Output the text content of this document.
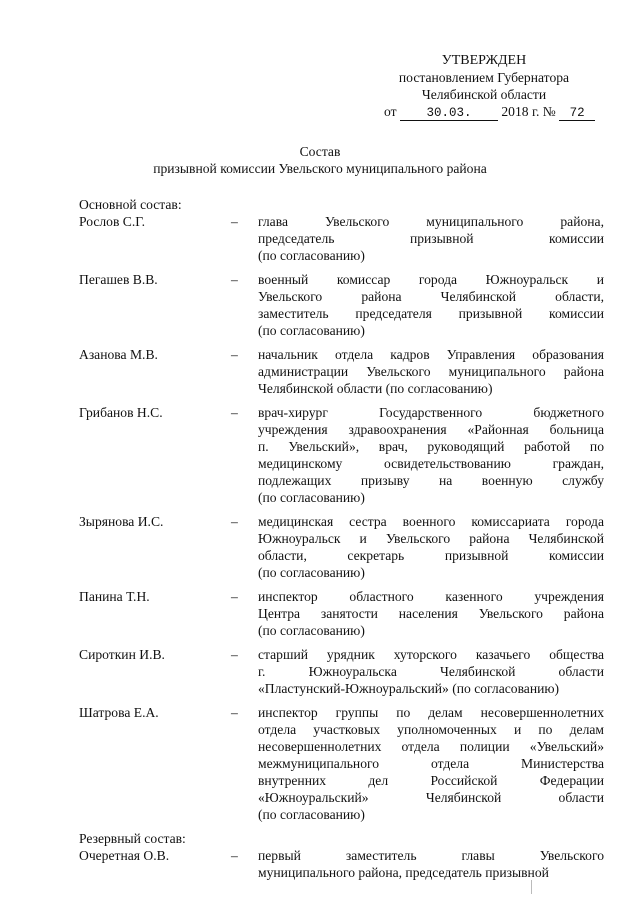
УТВЕРЖДЕН
постановлением Губернатора
Челябинской области
от 30.03. 2018 г. № 72
Состав
призывной комиссии Увельского муниципального района
Основной состав:
Рослов С.Г.	–	глава Увельского муниципального района,
председатель призывной комиссии
(по согласованию)
Пегашев В.В.	–	военный комиссар города Южноуральск и
Увельского района Челябинской области,
заместитель председателя призывной комиссии
(по согласованию)
Азанова М.В.	–	начальник отдела кадров Управления образования
администрации Увельского муниципального района
Челябинской области (по согласованию)
Грибанов Н.С.	–	врач-хирург Государственного бюджетного
учреждения здравоохранения «Районная больница
п. Увельский», врач, руководящий работой по
медицинскому освидетельствованию граждан,
подлежащих призыву на военную службу
(по согласованию)
Зырянова И.С.	–	медицинская сестра военного комиссариата города
Южноуральск и Увельского района Челябинской
области, секретарь призывной комиссии
(по согласованию)
Панина Т.Н.	–	инспектор областного казенного учреждения
Центра занятости населения Увельского района
(по согласованию)
Сироткин И.В.	–	старший урядник хуторского казачьего общества
г. Южноуральска Челябинской области
«Пластунский-Южноуральский» (по согласованию)
Шатрова Е.А.	–	инспектор группы по делам несовершеннолетних
отдела участковых уполномоченных и по делам
несовершеннолетних отдела полиции «Увельский»
межмуниципального отдела Министерства
внутренних дел Российской Федерации
«Южноуральский» Челябинской области
(по согласованию)
Резервный состав:
Очеретная О.В.	–	первый заместитель главы Увельского
муниципального района, председатель призывной
